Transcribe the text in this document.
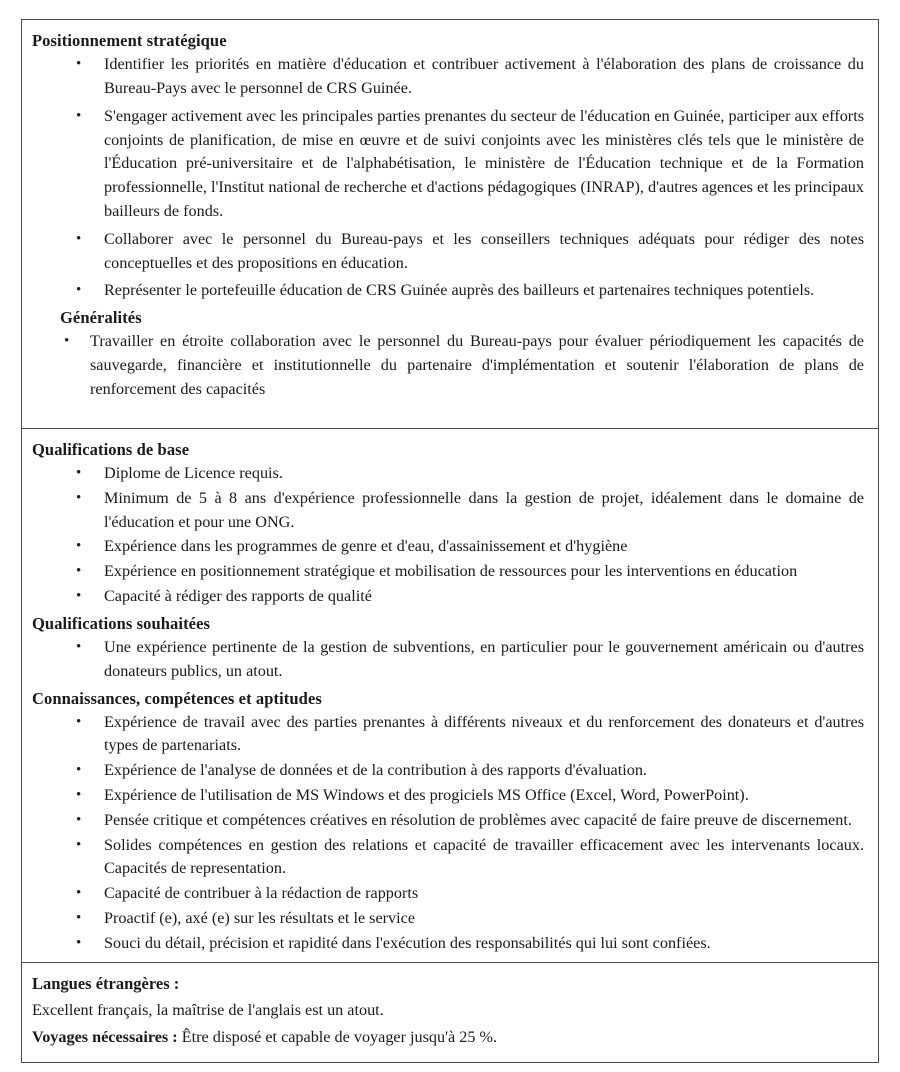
Positionnement stratégique
• Identifier les priorités en matière d'éducation et contribuer activement à l'élaboration des plans de croissance du Bureau-Pays avec le personnel de CRS Guinée.
• S'engager activement avec les principales parties prenantes du secteur de l'éducation en Guinée, participer aux efforts conjoints de planification, de mise en œuvre et de suivi conjoints avec les ministères clés tels que le ministère de l'Éducation pré-universitaire et de l'alphabétisation, le ministère de l'Éducation technique et de la Formation professionnelle, l'Institut national de recherche et d'actions pédagogiques (INRAP), d'autres agences et les principaux bailleurs de fonds.
• Collaborer avec le personnel du Bureau-pays et les conseillers techniques adéquats pour rédiger des notes conceptuelles et des propositions en éducation.
• Représenter le portefeuille éducation de CRS Guinée auprès des bailleurs et partenaires techniques potentiels.
Généralités
• Travailler en étroite collaboration avec le personnel du Bureau-pays pour évaluer périodiquement les capacités de sauvegarde, financière et institutionnelle du partenaire d'implémentation et soutenir l'élaboration de plans de renforcement des capacités
Qualifications de base
• Diplome de Licence requis.
• Minimum de 5 à 8 ans d'expérience professionnelle dans la gestion de projet, idéalement dans le domaine de l'éducation et pour une ONG.
• Expérience dans les programmes de genre et d'eau, d'assainissement et d'hygiène
• Expérience en positionnement stratégique et mobilisation de ressources pour les interventions en éducation
• Capacité à rédiger des rapports de qualité
Qualifications souhaitées
• Une expérience pertinente de la gestion de subventions, en particulier pour le gouvernement américain ou d'autres donateurs publics, un atout.
Connaissances, compétences et aptitudes
• Expérience de travail avec des parties prenantes à différents niveaux et du renforcement des donateurs et d'autres types de partenariats.
• Expérience de l'analyse de données et de la contribution à des rapports d'évaluation.
• Expérience de l'utilisation de MS Windows et des progiciels MS Office (Excel, Word, PowerPoint).
• Pensée critique et compétences créatives en résolution de problèmes avec capacité de faire preuve de discernement.
• Solides compétences en gestion des relations et capacité de travailler efficacement avec les intervenants locaux. Capacités de representation.
• Capacité de contribuer à la rédaction de rapports
• Proactif (e), axé (e) sur les résultats et le service
• Souci du détail, précision et rapidité dans l'exécution des responsabilités qui lui sont confiées.
Langues étrangères :
Excellent français, la maîtrise de l'anglais est un atout.
Voyages nécessaires : Être disposé et capable de voyager jusqu'à 25 %.
